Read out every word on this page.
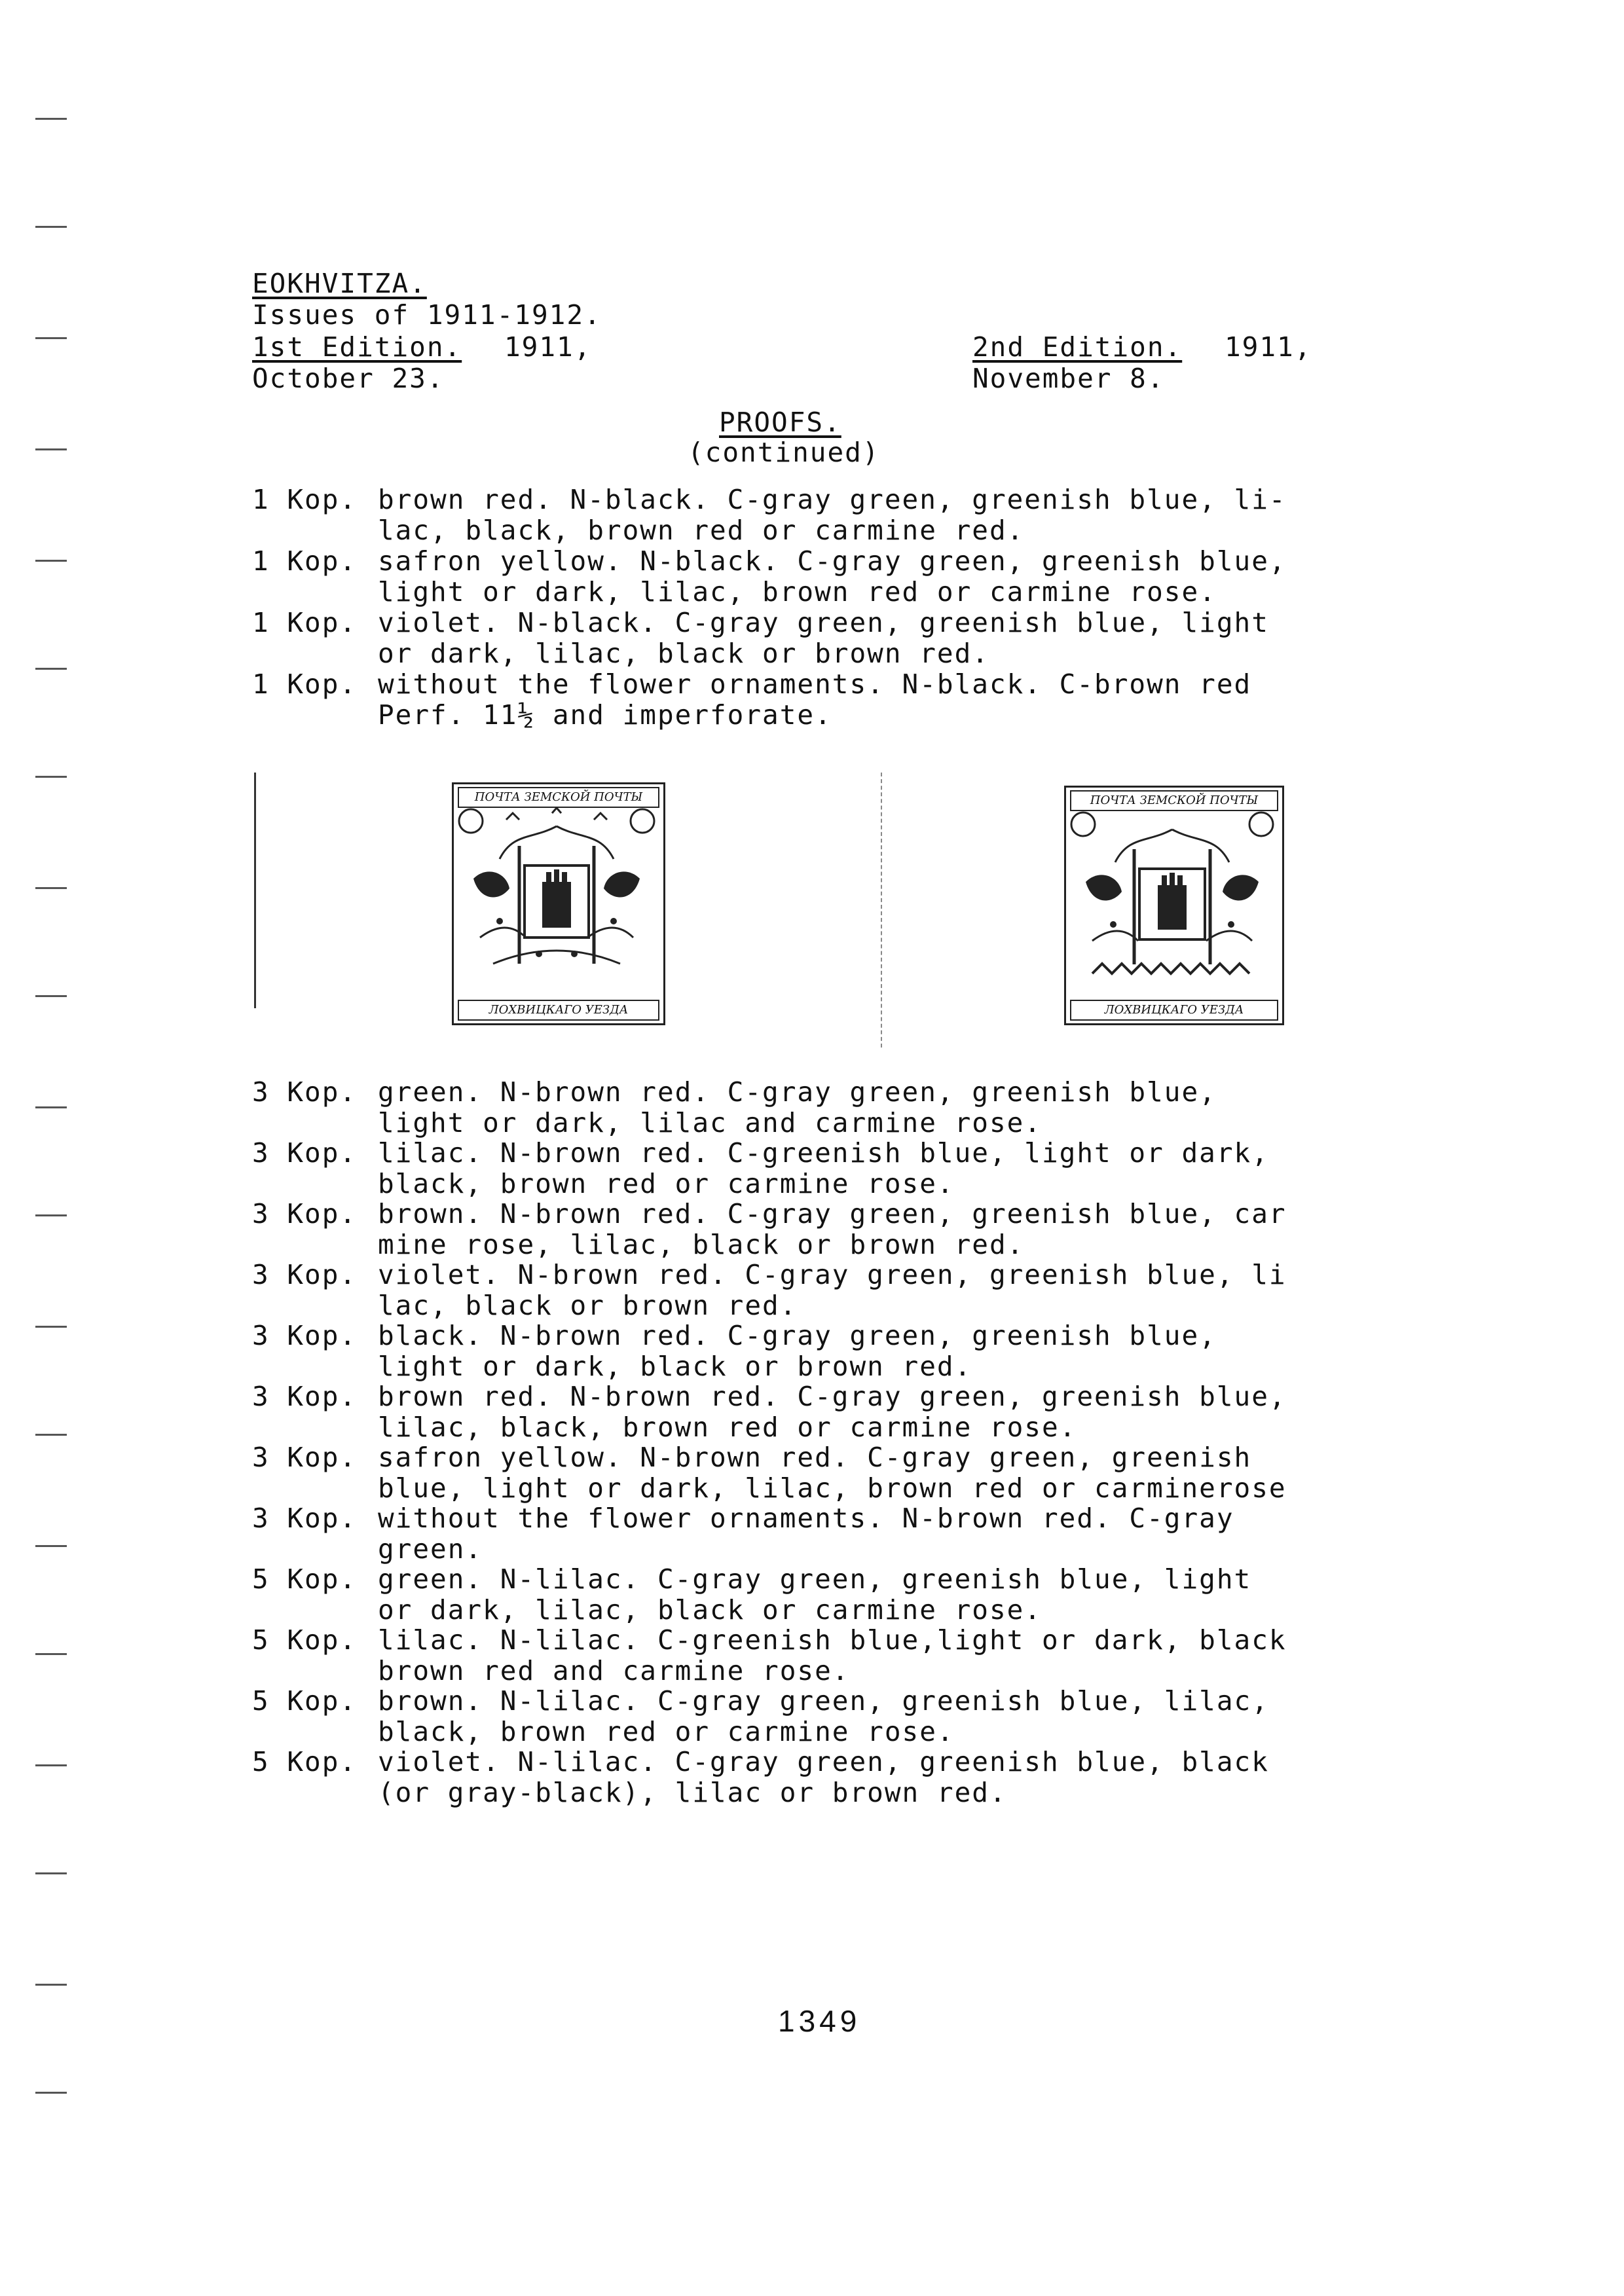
EOKHVITZA.
Issues of 1911-1912.
1st Edition. 1911,
October 23.
2nd Edition. 1911,
November 8.
PROOFS.
(continued)
1 Kop. brown red. N-black. C-gray green, greenish blue, li-
lac, black, brown red or carmine red.
1 Kop. safron yellow. N-black. C-gray green, greenish blue,
light or dark, lilac, brown red or carmine rose.
1 Kop. violet. N-black. C-gray green, greenish blue, light
or dark, lilac, black or brown red.
1 Kop. without the flower ornaments. N-black. C-brown red
Perf. 11½ and imperforate.
ПОЧТА ЗЕМСКОЙ ПОЧТЫ
ЛОХВИЦКАГО УЕЗДА
ПОЧТА ЗЕМСКОЙ ПОЧТЫ
ЛОХВИЦКАГО УЕЗДА
3 Kop. green. N-brown red. C-gray green, greenish blue,
light or dark, lilac and carmine rose.
3 Kop. lilac. N-brown red. C-greenish blue, light or dark,
black, brown red or carmine rose.
3 Kop. brown. N-brown red. C-gray green, greenish blue, car
mine rose, lilac, black or brown red.
3 Kop. violet. N-brown red. C-gray green, greenish blue, li
lac, black or brown red.
3 Kop. black. N-brown red. C-gray green, greenish blue,
light or dark, black or brown red.
3 Kop. brown red. N-brown red. C-gray green, greenish blue,
lilac, black, brown red or carmine rose.
3 Kop. safron yellow. N-brown red. C-gray green, greenish
blue, light or dark, lilac, brown red or carminerose
3 Kop. without the flower ornaments. N-brown red. C-gray
green.
5 Kop. green. N-lilac. C-gray green, greenish blue, light
or dark, lilac, black or carmine rose.
5 Kop. lilac. N-lilac. C-greenish blue,light or dark, black
brown red and carmine rose.
5 Kop. brown. N-lilac. C-gray green, greenish blue, lilac,
black, brown red or carmine rose.
5 Kop. violet. N-lilac. C-gray green, greenish blue, black
(or gray-black), lilac or brown red.
1349
